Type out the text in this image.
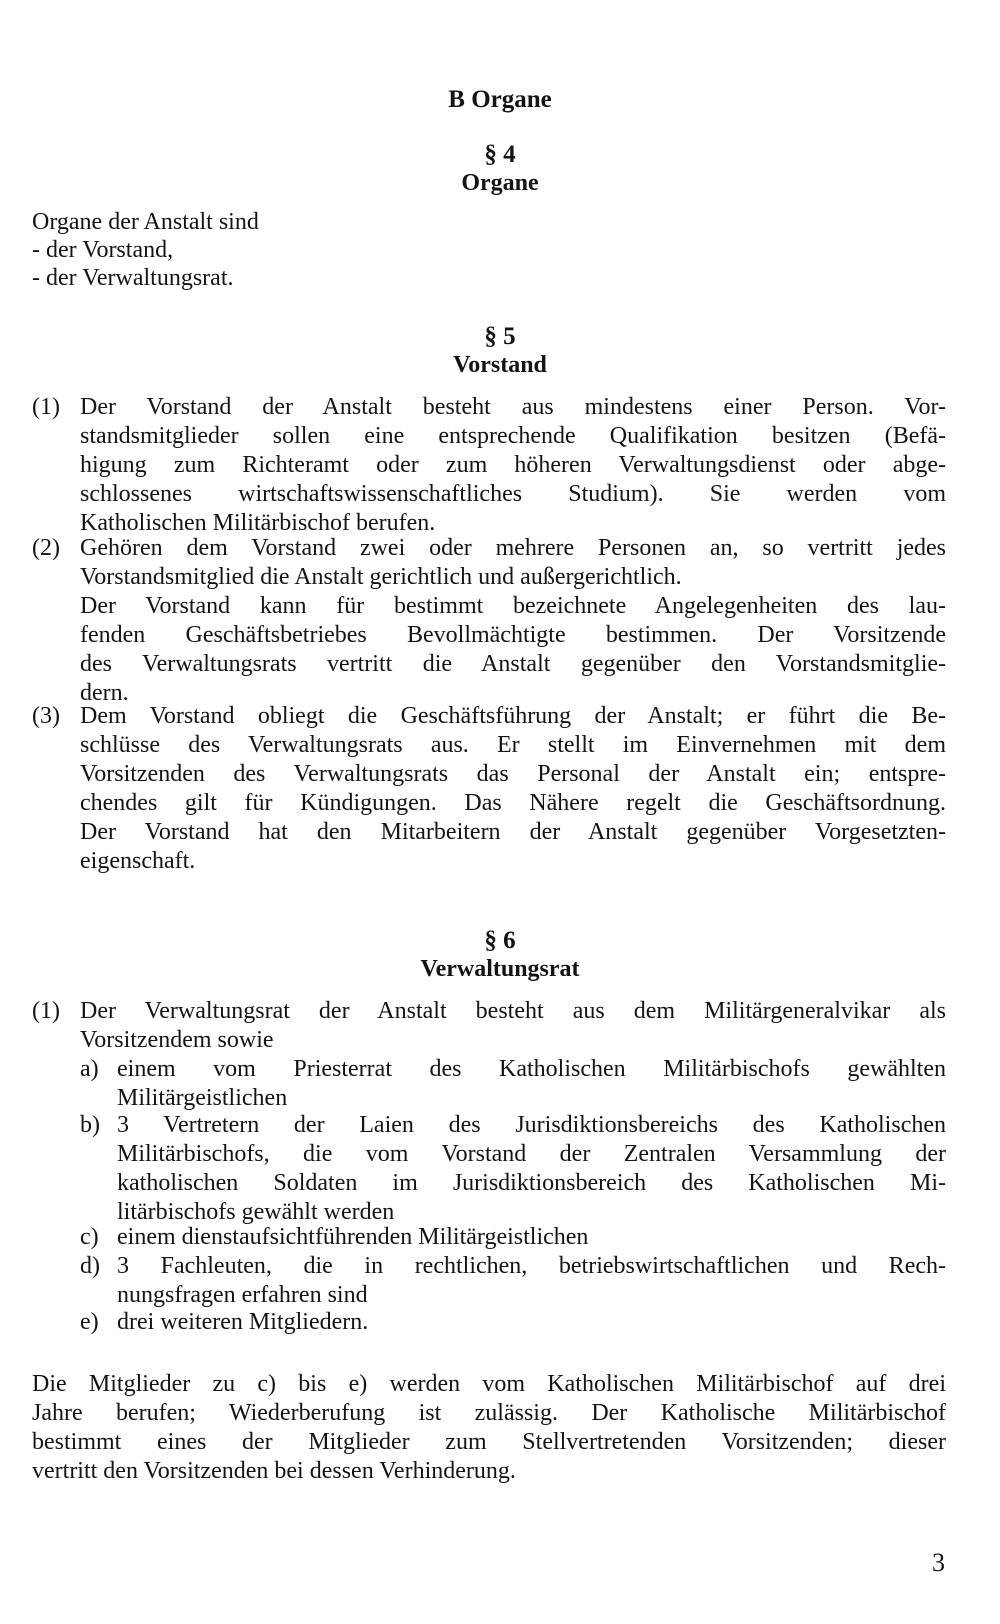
B Organe
§ 4
Organe
Organe der Anstalt sind
- der Vorstand,
- der Verwaltungsrat.
§ 5
Vorstand
(1) Der Vorstand der Anstalt besteht aus mindestens einer Person. Vor-
standsmitglieder sollen eine entsprechende Qualifikation besitzen (Befä-
higung zum Richteramt oder zum höheren Verwaltungsdienst oder abge-
schlossenes wirtschaftswissenschaftliches Studium). Sie werden vom
Katholischen Militärbischof berufen.
(2) Gehören dem Vorstand zwei oder mehrere Personen an, so vertritt jedes
Vorstandsmitglied die Anstalt gerichtlich und außergerichtlich.
Der Vorstand kann für bestimmt bezeichnete Angelegenheiten des lau-
fenden Geschäftsbetriebes Bevollmächtigte bestimmen. Der Vorsitzende
des Verwaltungsrats vertritt die Anstalt gegenüber den Vorstandsmitglie-
dern.
(3) Dem Vorstand obliegt die Geschäftsführung der Anstalt; er führt die Be-
schlüsse des Verwaltungsrats aus. Er stellt im Einvernehmen mit dem
Vorsitzenden des Verwaltungsrats das Personal der Anstalt ein; entspre-
chendes gilt für Kündigungen. Das Nähere regelt die Geschäftsordnung.
Der Vorstand hat den Mitarbeitern der Anstalt gegenüber Vorgesetzten-
eigenschaft.
§ 6
Verwaltungsrat
(1) Der Verwaltungsrat der Anstalt besteht aus dem Militärgeneralvikar als
Vorsitzendem sowie
a) einem vom Priesterrat des Katholischen Militärbischofs gewählten
Militärgeistlichen
b) 3 Vertretern der Laien des Jurisdiktionsbereichs des Katholischen
Militärbischofs, die vom Vorstand der Zentralen Versammlung der
katholischen Soldaten im Jurisdiktionsbereich des Katholischen Mi-
litärbischofs gewählt werden
c) einem dienstaufsichtführenden Militärgeistlichen
d) 3 Fachleuten, die in rechtlichen, betriebswirtschaftlichen und Rech-
nungsfragen erfahren sind
e) drei weiteren Mitgliedern.
Die Mitglieder zu c) bis e) werden vom Katholischen Militärbischof auf drei
Jahre berufen; Wiederberufung ist zulässig. Der Katholische Militärbischof
bestimmt eines der Mitglieder zum Stellvertretenden Vorsitzenden; dieser
vertritt den Vorsitzenden bei dessen Verhinderung.
3
